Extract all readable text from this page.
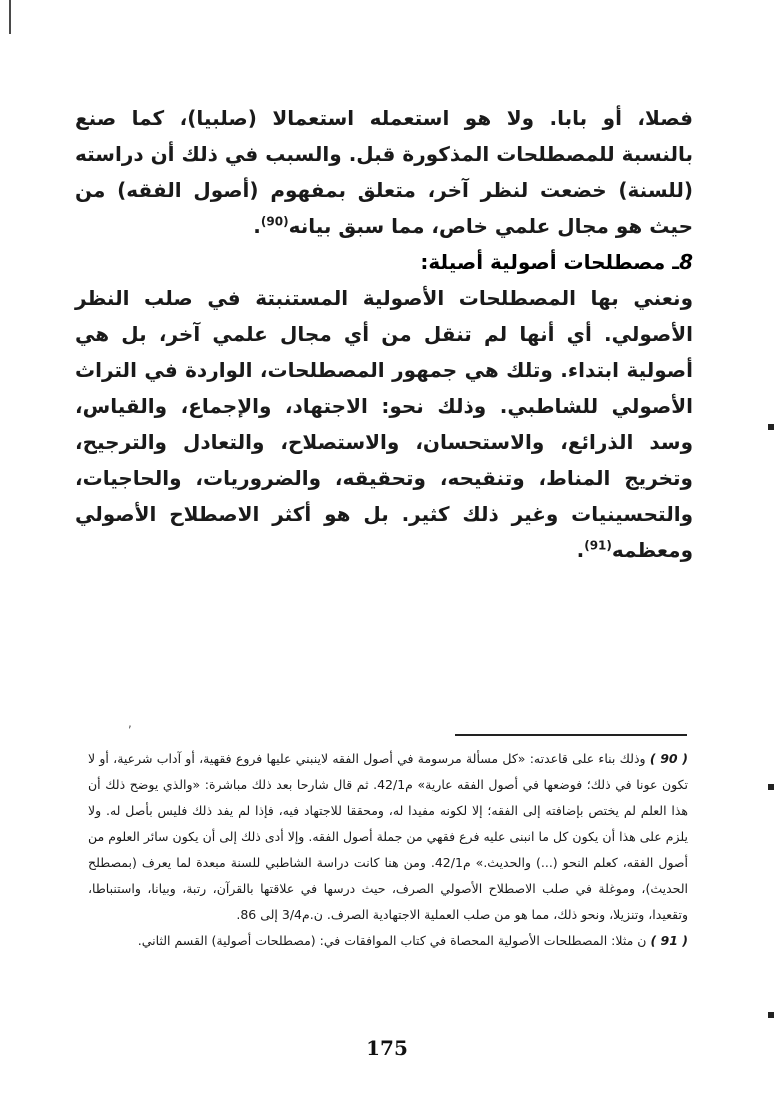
فصلا، أو بابا. ولا هو استعمله استعمالا (صلبيا)، كما صنع بالنسبة للمصطلحات المذكورة قبل. والسبب في ذلك أن دراسته (للسنة) خضعت لنظر آخر، متعلق بمفهوم (أصول الفقه) من حيث هو مجال علمي خاص، مما سبق بيانه$^{(90)}$.

8ـ مصطلحات أصولية أصيلة:

ونعني بها المصطلحات الأصولية المستنبتة في صلب النظر الأصولي. أي أنها لم تنقل من أي مجال علمي آخر، بل هي أصولية ابتداء. وتلك هي جمهور المصطلحات، الواردة في التراث الأصولي للشاطبي. وذلك نحو: الاجتهاد، والإجماع، والقياس، وسد الذرائع، والاستحسان، والاستصلاح، والتعادل والترجيح، وتخريج المناط، وتنقيحه، وتحقيقه، والضروريات، والحاجيات، والتحسينيات وغير ذلك كثير. بل هو أكثر الاصطلاح الأصولي ومعظمه$^{(91)}$.

,

( 90 ) وذلك بناء على قاعدته: «كل مسألة مرسومة في أصول الفقه لاينبني عليها فروع فقهية، أو آداب شرعية، أو لا تكون عونا في ذلك؛ فوضعها في أصول الفقه عارية» م42/1. ثم قال شارحا بعد ذلك مباشرة: «والذي يوضح ذلك أن هذا العلم لم يختص بإضافته إلى الفقه؛ إلا لكونه مفيدا له، ومحققا للاجتهاد فيه، فإذا لم يفد ذلك فليس بأصل له. ولا يلزم على هذا أن يكون كل ما انبنى عليه فرع فقهي من جملة أصول الفقه. وإلا أدى ذلك إلى أن يكون سائر العلوم من أصول الفقه، كعلم النحو (...) والحديث.» م42/1. ومن هنا كانت دراسة الشاطبي للسنة مبعدة لما يعرف (بمصطلح الحديث)، وموغلة في صلب الاصطلاح الأصولي الصرف، حيث درسها في علاقتها بالقرآن، رتبة، وبيانا، واستنباطا، وتقعيدا، وتنزيلا، ونحو ذلك، مما هو من صلب العملية الاجتهادية الصرف. ن.م3/4 إلى 86.

( 91 ) ن مثلا: المصطلحات الأصولية المحصاة في كتاب الموافقات في: (مصطلحات أصولية) القسم الثاني.

175
